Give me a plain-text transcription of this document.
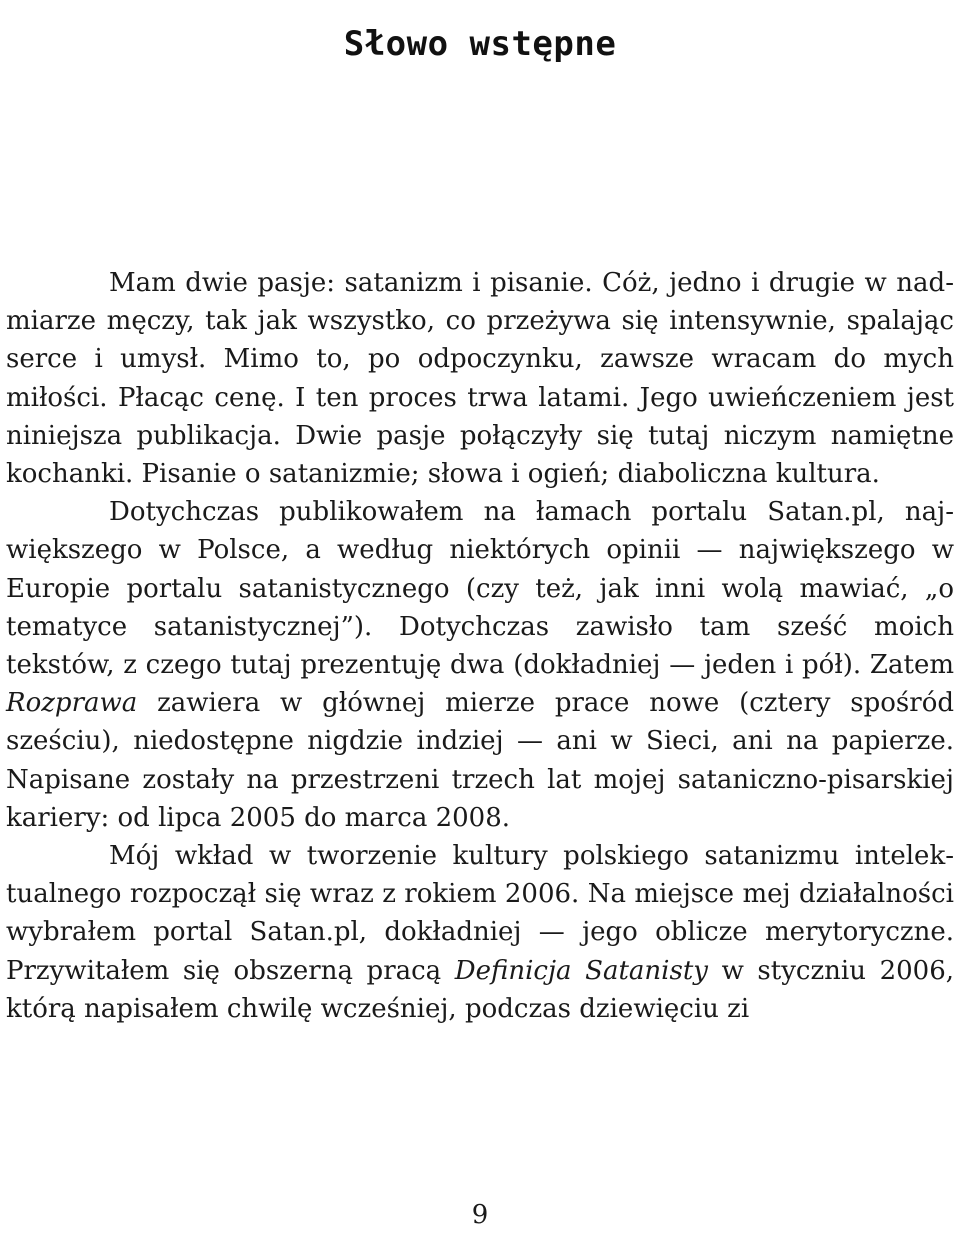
Słowo wstępne

Mam dwie pasje: satanizm i pisanie. Cóż, jedno i drugie w nadmiarze męczy, tak jak wszystko, co przeżywa się intensywnie, spalając serce i umysł. Mimo to, po odpoczynku, zawsze wracam do mych miłości. Płacąc cenę. I ten proces trwa latami. Jego uwieńczeniem jest niniejsza publikacja. Dwie pasje połączyły się tutaj niczym namiętne kochanki. Pisanie o satanizmie; słowa i ogień; diaboliczna kultura.

Dotychczas publikowałem na łamach portalu Satan.pl, największego w Polsce, a według niektórych opinii — największego w Europie portalu satanistycznego (czy też, jak inni wolą mawiać, „o tematyce satanistycznej”). Dotychczas zawisło tam sześć moich tekstów, z czego tutaj prezentuję dwa (dokładniej — jeden i pół). Zatem Rozprawa zawiera w głównej mierze prace nowe (cztery spośród sześciu), niedostępne nigdzie indziej — ani w Sieci, ani na papierze. Napisane zostały na przestrzeni trzech lat mojej sataniczno-pisarskiej kariery: od lipca 2005 do marca 2008.

Mój wkład w tworzenie kultury polskiego satanizmu intelektualnego rozpoczął się wraz z rokiem 2006. Na miejsce mej działalności wybrałem portal Satan.pl, dokładniej — jego oblicze merytoryczne. Przywitałem się obszerną pracą Definicja Satanisty w styczniu 2006, którą napisałem chwilę wcześniej, podczas dziewięciu zi

9
